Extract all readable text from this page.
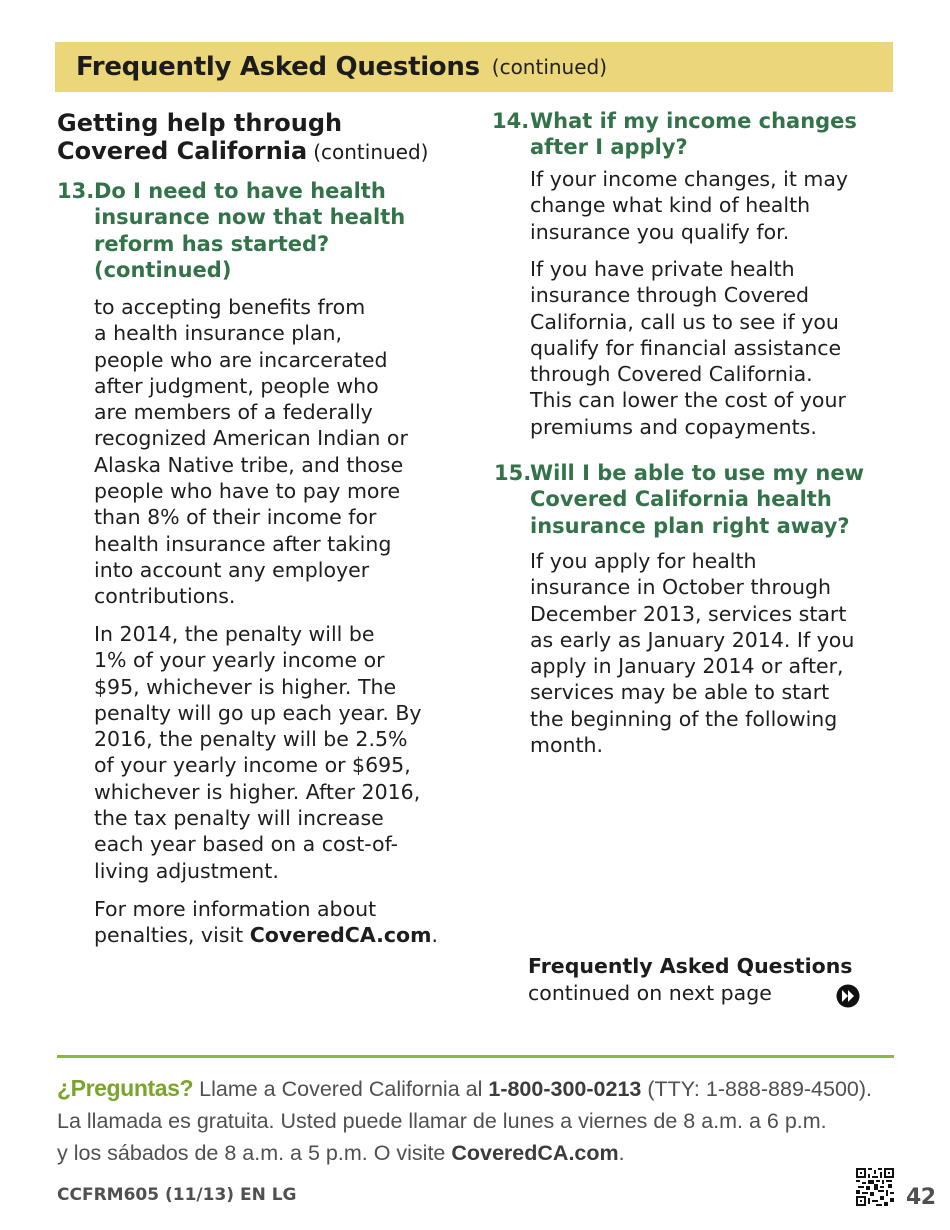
Frequently Asked Questions (continued)
Getting help through
Covered California (continued)
13. Do I need to have health
insurance now that health
reform has started?
(continued)
to accepting benefits from
a health insurance plan,
people who are incarcerated
after judgment, people who
are members of a federally
recognized American Indian or
Alaska Native tribe, and those
people who have to pay more
than 8% of their income for
health insurance after taking
into account any employer
contributions.
In 2014, the penalty will be
1% of your yearly income or
$95, whichever is higher. The
penalty will go up each year. By
2016, the penalty will be 2.5%
of your yearly income or $695,
whichever is higher. After 2016,
the tax penalty will increase
each year based on a cost-of-
living adjustment.
For more information about
penalties, visit CoveredCA.com.
14. What if my income changes
after I apply?
If your income changes, it may
change what kind of health
insurance you qualify for.
If you have private health
insurance through Covered
California, call us to see if you
qualify for financial assistance
through Covered California.
This can lower the cost of your
premiums and copayments.
15.
Will I be able to use my new
Covered California health
insurance plan right away?
If you apply for health
insurance in October through
December 2013, services start
as early as January 2014. If you
apply in January 2014 or after,
services may be able to start
the beginning of the following
month.
Frequently Asked Questions
continued on next page
¿Preguntas? Llame a Covered California al 1-800-300-0213 (TTY: 1-888-889-4500).
La llamada es gratuita. Usted puede llamar de lunes a viernes de 8 a.m. a 6 p.m.
y los sábados de 8 a.m. a 5 p.m. O visite CoveredCA.com.
CCFRM605 (11/13) EN LG	42
